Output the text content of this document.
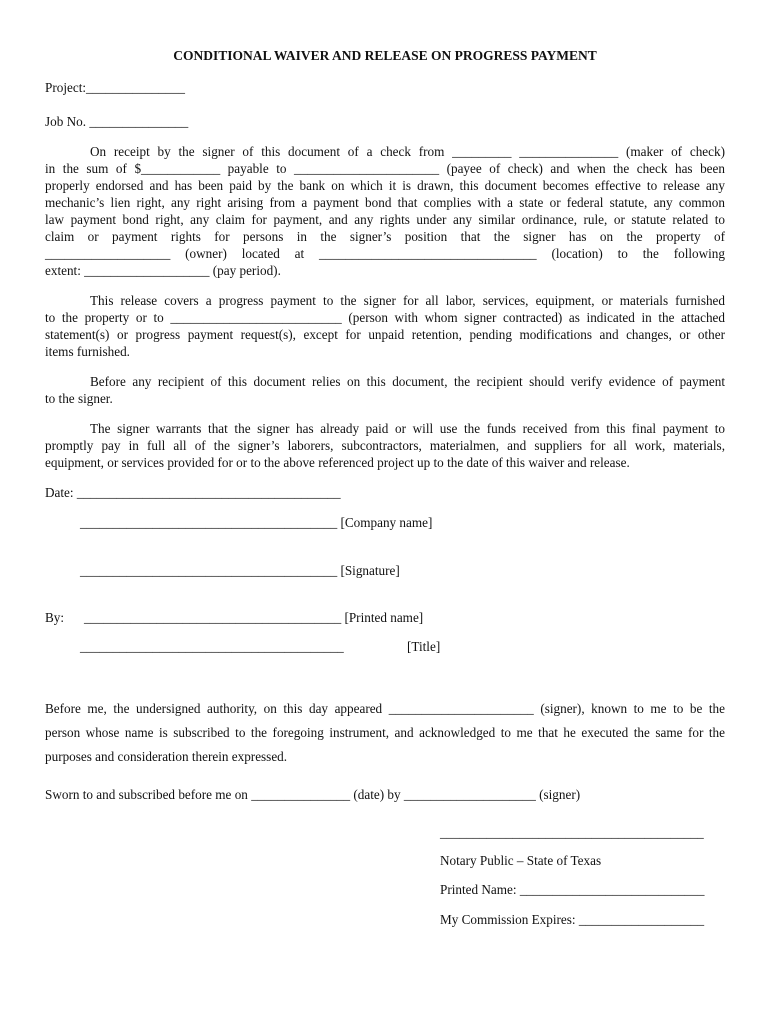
CONDITIONAL WAIVER AND RELEASE ON PROGRESS PAYMENT
Project:_______________
Job No. _______________
On receipt by the signer of this document of a check from _________ _______________ (maker of check)
in the sum of $____________ payable to ______________________ (payee of check) and when the check has been
properly endorsed and has been paid by the bank on which it is drawn, this document becomes effective to release any
mechanic’s lien right, any right arising from a payment bond that complies with a state or federal statute, any common
law payment bond right, any claim for payment, and any rights under any similar ordinance, rule, or statute related to
claim or payment rights for persons in the signer’s position that the signer has on the property of
___________________ (owner) located at _________________________________ (location) to the following
extent: ___________________ (pay period).
This release covers a progress payment to the signer for all labor, services, equipment, or materials furnished
to the property or to __________________________ (person with whom signer contracted) as indicated in the attached
statement(s) or progress payment request(s), except for unpaid retention, pending modifications and changes, or other
items furnished.
Before any recipient of this document relies on this document, the recipient should verify evidence of payment
to the signer.
The signer warrants that the signer has already paid or will use the funds received from this final payment to
promptly pay in full all of the signer’s laborers, subcontractors, materialmen, and suppliers for all work, materials,
equipment, or services provided for or to the above referenced project up to the date of this waiver and release.
Date: ________________________________________
_______________________________________ [Company name]
_______________________________________ [Signature]
By: _______________________________________ [Printed name]
________________________________________	[Title]
Before me, the undersigned authority, on this day appeared ______________________ (signer), known to me to be the
person whose name is subscribed to the foregoing instrument, and acknowledged to me that he executed the same for the
purposes and consideration therein expressed.
Sworn to and subscribed before me on _______________ (date) by ____________________ (signer)
________________________________________
Notary Public – State of Texas
Printed Name: ____________________________
My Commission Expires: ___________________
